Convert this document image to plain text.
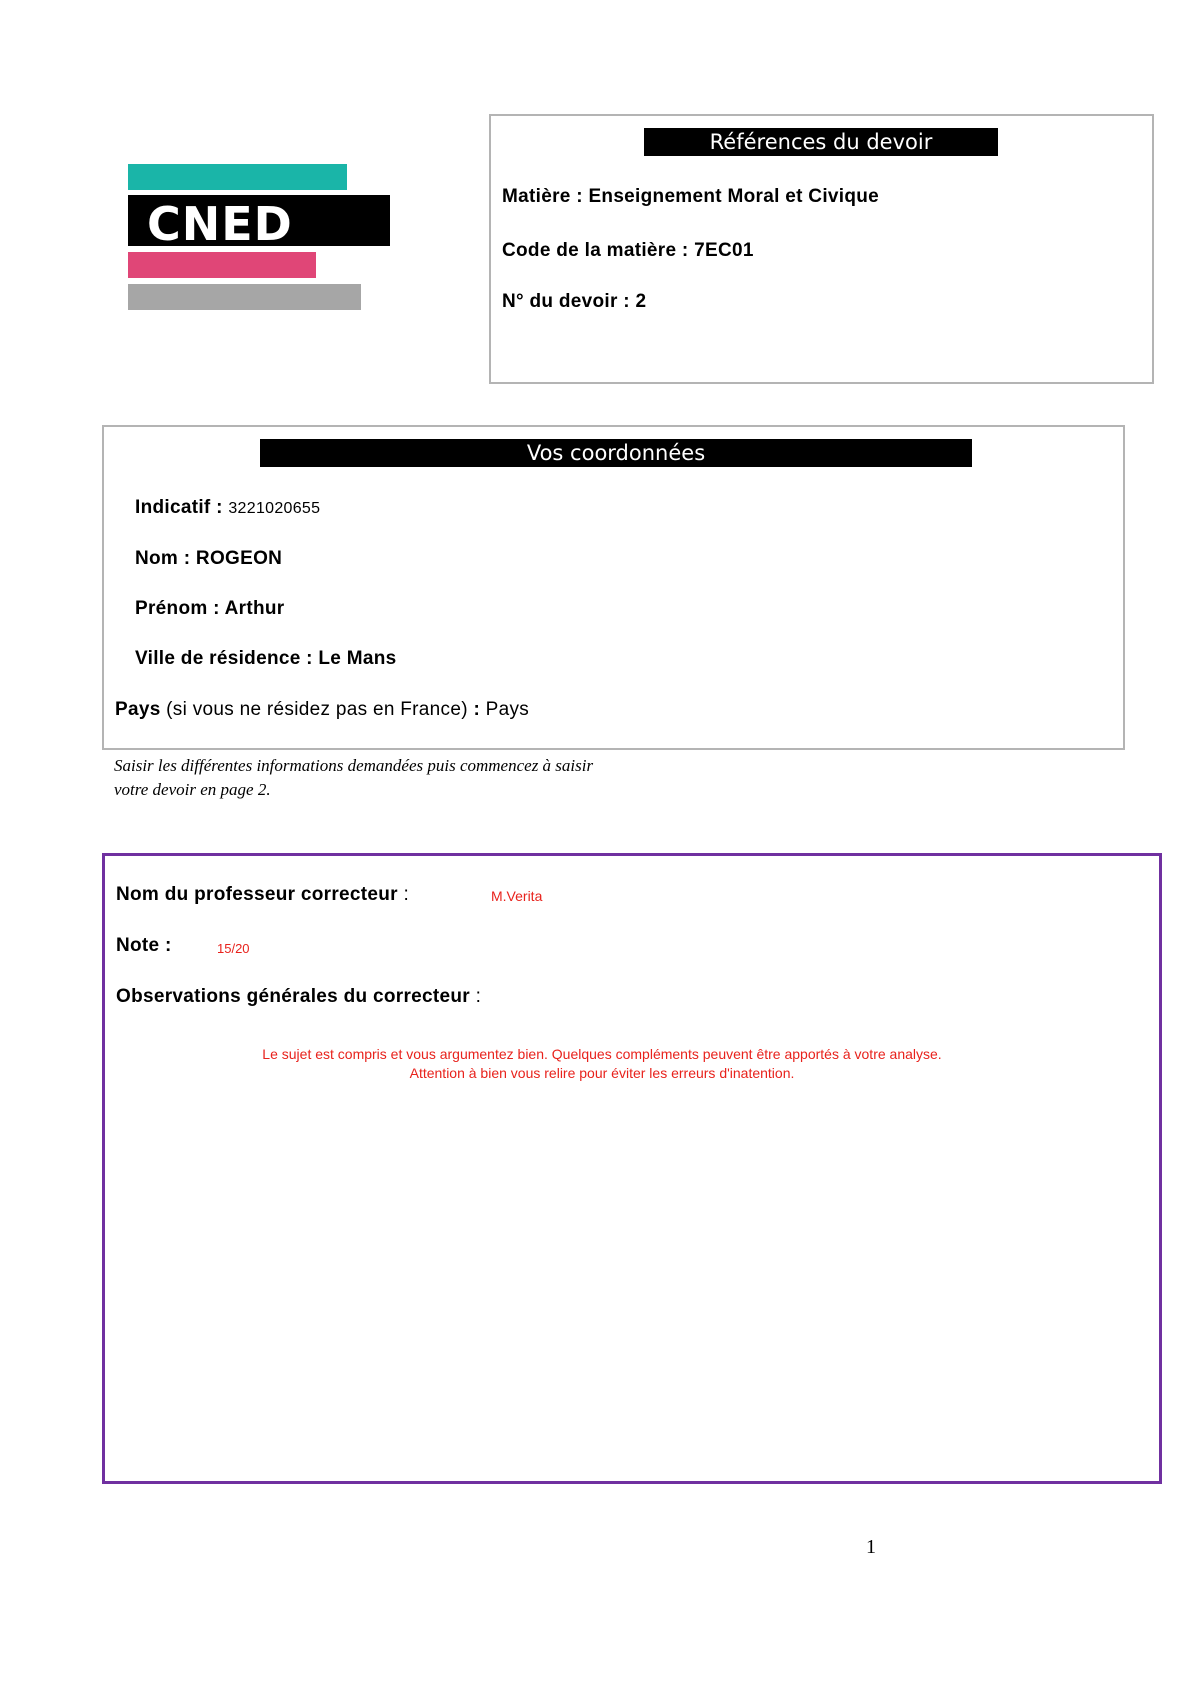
CNED
Références du devoir
Matière : Enseignement Moral et Civique
Code de la matière : 7EC01
N° du devoir : 2
Vos coordonnées
Indicatif : 3221020655
Nom : ROGEON
Prénom : Arthur
Ville de résidence : Le Mans
Pays (si vous ne résidez pas en France) : Pays
Saisir les différentes informations demandées puis commencez à saisir
votre devoir en page 2.
Nom du professeur correcteur :	M.Verita
Note :	15/20
Observations générales du correcteur :
Le sujet est compris et vous argumentez bien. Quelques compléments peuvent être apportés à votre analyse.
Attention à bien vous relire pour éviter les erreurs d'inatention.
1
